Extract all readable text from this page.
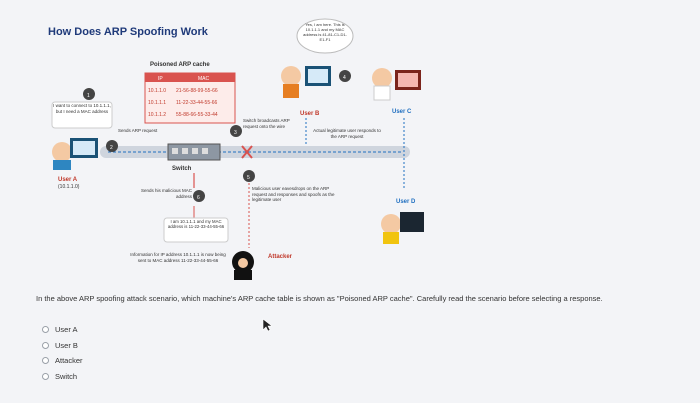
How Does ARP Spoofing Work
Switch
Poisoned ARP cache
IP	MAC
10.1.1.0 21-56-88-99-55-66
10.1.1.1 11-22-33-44-55-66
10.1.1.2 55-88-66-55-33-44
User A
(10.1.1.0)
1
I want to connect to 10.1.1.1, but I need a MAC address
2
Sends ARP request
User B
4
Yes, I am here. This is 10.1.1.1 and my MAC address is 41-81-C1-D1-E1-F1
User C
User D
3
Switch broadcasts ARP request onto the wire
Actual legitimate user responds to the ARP request
5
Malicious user eavesdrops on the ARP request and responses and spoofs as the legitimate user
Attacker
6
Sends his malicious MAC address
I am 10.1.1.1 and my MAC address is 11-22-33-44-55-66
Information for IP address 10.1.1.1 is now being sent to MAC address 11-22-33-44-55-66
In the above ARP spoofing attack scenario, which machine's ARP cache table is shown as "Poisoned ARP cache". Carefully read the scenario before selecting a response.
User A
User B
Attacker
Switch
